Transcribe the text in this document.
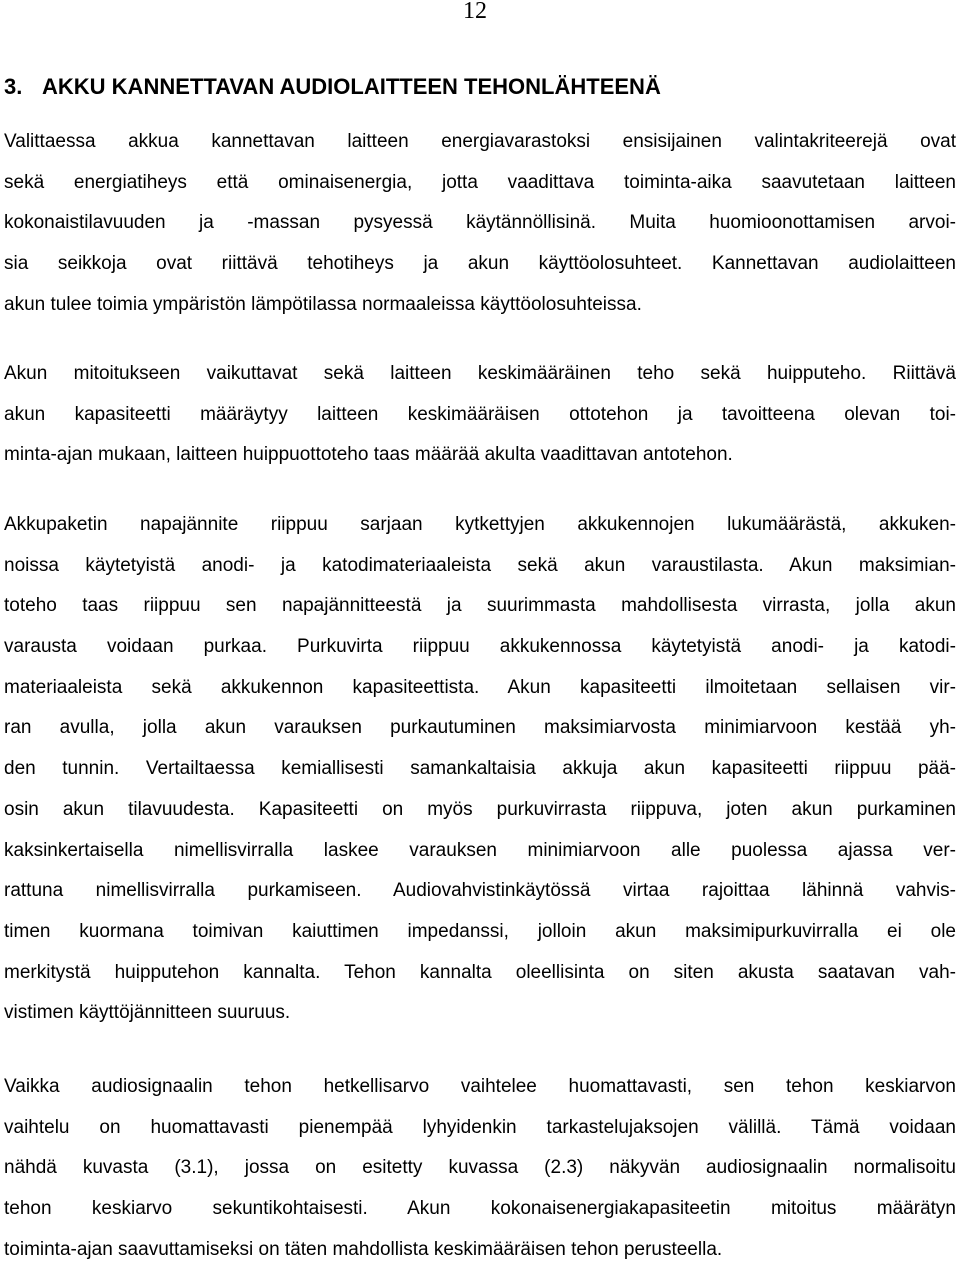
12
3. AKKU KANNETTAVAN AUDIOLAITTEEN TEHONLÄHTEENÄ

Valittaessa akkua kannettavan laitteen energiavarastoksi ensisijainen valintakriteerejä ovat
sekä energiatiheys että ominaisenergia, jotta vaadittava toiminta-aika saavutetaan laitteen
kokonaistilavuuden ja -massan pysyessä käytännöllisinä. Muita huomioonottamisen arvoi-
sia seikkoja ovat riittävä tehotiheys ja akun käyttöolosuhteet. Kannettavan audiolaitteen
akun tulee toimia ympäristön lämpötilassa normaaleissa käyttöolosuhteissa.

Akun mitoitukseen vaikuttavat sekä laitteen keskimääräinen teho sekä huipputeho. Riittävä
akun kapasiteetti määräytyy laitteen keskimääräisen ottotehon ja tavoitteena olevan toi-
minta-ajan mukaan, laitteen huippuottoteho taas määrää akulta vaadittavan antotehon.

Akkupaketin napajännite riippuu sarjaan kytkettyjen akkukennojen lukumäärästä, akkuken-
noissa käytetyistä anodi- ja katodimateriaaleista sekä akun varaustilasta. Akun maksimian-
toteho taas riippuu sen napajännitteestä ja suurimmasta mahdollisesta virrasta, jolla akun
varausta voidaan purkaa. Purkuvirta riippuu akkukennossa käytetyistä anodi- ja katodi-
materiaaleista sekä akkukennon kapasiteettista. Akun kapasiteetti ilmoitetaan sellaisen vir-
ran avulla, jolla akun varauksen purkautuminen maksimiarvosta minimiarvoon kestää yh-
den tunnin. Vertailtaessa kemiallisesti samankaltaisia akkuja akun kapasiteetti riippuu pää-
osin akun tilavuudesta. Kapasiteetti on myös purkuvirrasta riippuva, joten akun purkaminen
kaksinkertaisella nimellisvirralla laskee varauksen minimiarvoon alle puolessa ajassa ver-
rattuna nimellisvirralla purkamiseen. Audiovahvistinkäytössä virtaa rajoittaa lähinnä vahvis-
timen kuormana toimivan kaiuttimen impedanssi, jolloin akun maksimipurkuvirralla ei ole
merkitystä huipputehon kannalta. Tehon kannalta oleellisinta on siten akusta saatavan vah-
vistimen käyttöjännitteen suuruus.

Vaikka audiosignaalin tehon hetkellisarvo vaihtelee huomattavasti, sen tehon keskiarvon
vaihtelu on huomattavasti pienempää lyhyidenkin tarkastelujaksojen välillä. Tämä voidaan
nähdä kuvasta (3.1), jossa on esitetty kuvassa (2.3) näkyvän audiosignaalin normalisoitu
tehon keskiarvo sekuntikohtaisesti. Akun kokonaisenergiakapasiteetin mitoitus määrätyn
toiminta-ajan saavuttamiseksi on täten mahdollista keskimääräisen tehon perusteella.
